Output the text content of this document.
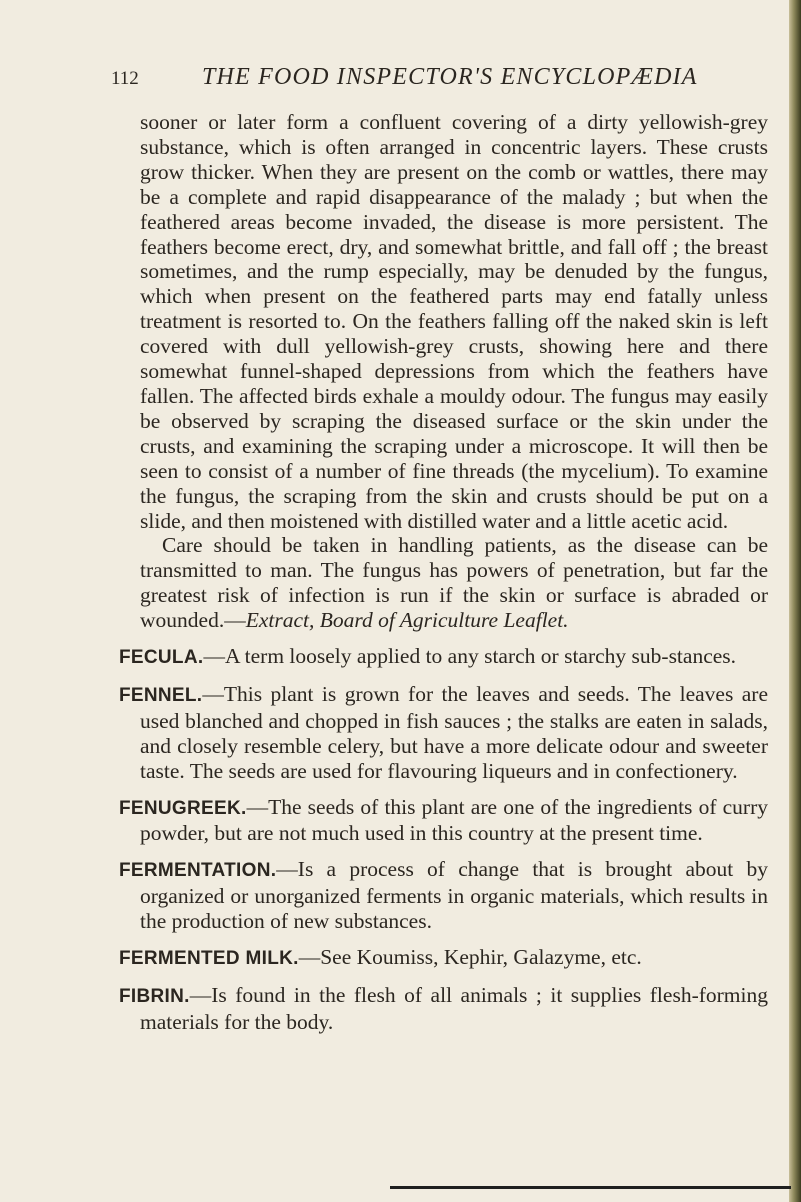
112	THE FOOD INSPECTOR'S ENCYCLOPÆDIA

sooner or later form a confluent covering of a dirty yellowish-grey substance, which is often arranged in concentric layers. These crusts grow thicker. When they are present on the comb or wattles, there may be a complete and rapid disappearance of the malady ; but when the feathered areas become invaded, the disease is more persistent. The feathers become erect, dry, and somewhat brittle, and fall off ; the breast sometimes, and the rump especially, may be denuded by the fungus, which when present on the feathered parts may end fatally unless treatment is resorted to. On the feathers falling off the naked skin is left covered with dull yellowish-grey crusts, showing here and there somewhat funnel-shaped depressions from which the feathers have fallen. The affected birds exhale a mouldy odour. The fungus may easily be observed by scraping the diseased surface or the skin under the crusts, and examining the scraping under a microscope. It will then be seen to consist of a number of fine threads (the mycelium). To examine the fungus, the scraping from the skin and crusts should be put on a slide, and then moistened with distilled water and a little acetic acid.

Care should be taken in handling patients, as the disease can be transmitted to man. The fungus has powers of penetration, but far the greatest risk of infection is run if the skin or surface is abraded or wounded.—Extract, Board of Agriculture Leaflet.

FECULA.—A term loosely applied to any starch or starchy sub-stances.

FENNEL.—This plant is grown for the leaves and seeds. The leaves are used blanched and chopped in fish sauces ; the stalks are eaten in salads, and closely resemble celery, but have a more delicate odour and sweeter taste. The seeds are used for flavouring liqueurs and in confectionery.

FENUGREEK.—The seeds of this plant are one of the ingredients of curry powder, but are not much used in this country at the present time.

FERMENTATION.—Is a process of change that is brought about by organized or unorganized ferments in organic materials, which results in the production of new substances.

FERMENTED MILK.—See Koumiss, Kephir, Galazyme, etc.

FIBRIN.—Is found in the flesh of all animals ; it supplies flesh-forming materials for the body.
